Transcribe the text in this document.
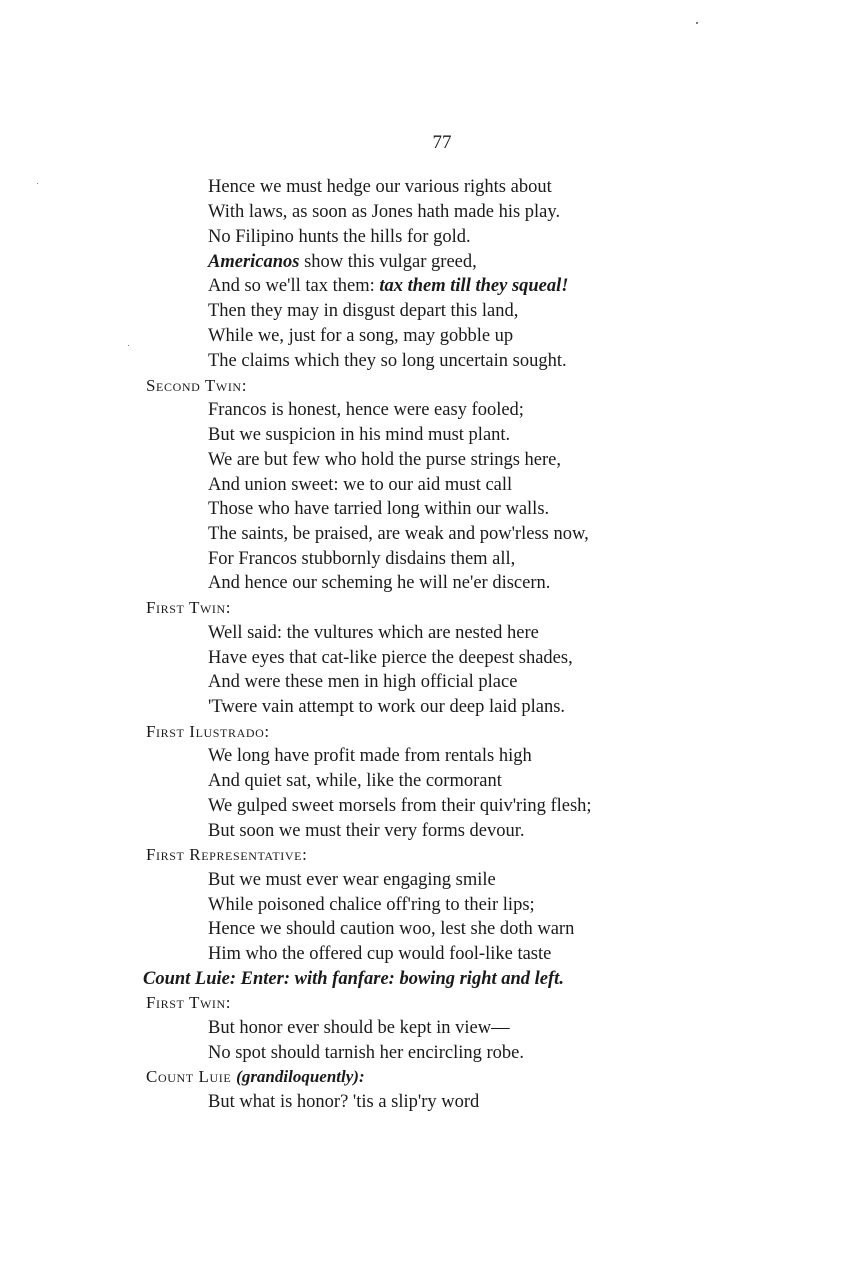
77
Hence we must hedge our various rights about
With laws, as soon as Jones hath made his play.
No Filipino hunts the hills for gold.
Americanos show this vulgar greed,
And so we'll tax them: tax them till they squeal!
Then they may in disgust depart this land,
While we, just for a song, may gobble up
The claims which they so long uncertain sought.
Second Twin:
Francos is honest, hence were easy fooled;
But we suspicion in his mind must plant.
We are but few who hold the purse strings here,
And union sweet: we to our aid must call
Those who have tarried long within our walls.
The saints, be praised, are weak and pow'rless now,
For Francos stubbornly disdains them all,
And hence our scheming he will ne'er discern.
First Twin:
Well said: the vultures which are nested here
Have eyes that cat-like pierce the deepest shades,
And were these men in high official place
'Twere vain attempt to work our deep laid plans.
First Ilustrado:
We long have profit made from rentals high
And quiet sat, while, like the cormorant
We gulped sweet morsels from their quiv'ring flesh;
But soon we must their very forms devour.
First Representative:
But we must ever wear engaging smile
While poisoned chalice off'ring to their lips;
Hence we should caution woo, lest she doth warn
Him who the offered cup would fool-like taste
Count Luie: Enter: with fanfare: bowing right and left.
First Twin:
But honor ever should be kept in view—
No spot should tarnish her encircling robe.
Count Luie (grandiloquently):
But what is honor? 'tis a slip'ry word
